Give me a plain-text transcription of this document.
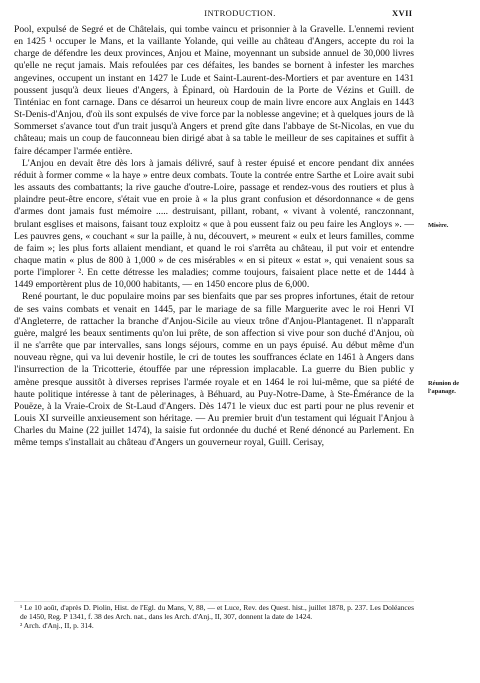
INTRODUCTION.	XVII

Pool, expulsé de Segré et de Châtelais, qui tombe vaincu et prisonnier à la Gravelle. L'ennemi revient en 1425 ¹ occuper le Mans, et la vaillante Yolande, qui veille au château d'Angers, accepte du roi la charge de défendre les deux provinces, Anjou et Maine, moyennant un subside annuel de 30,000 livres qu'elle ne reçut jamais. Mais refoulées par ces défaites, les bandes se bornent à infester les marches angevines, occupent un instant en 1427 le Lude et Saint-Laurent-des-Mortiers et par aventure en 1431 poussent jusqu'à deux lieues d'Angers, à Épinard, où Hardouin de la Porte de Vézins et Guill. de Tinténiac en font carnage. Dans ce désarroi un heureux coup de main livre encore aux Anglais en 1443 St-Denis-d'Anjou, d'où ils sont expulsés de vive force par la noblesse angevine; et à quelques jours de là Sommerset s'avance tout d'un trait jusqu'à Angers et prend gîte dans l'abbaye de St-Nicolas, en vue du château; mais un coup de fauconneau bien dirigé abat à sa table le meilleur de ses capitaines et suffit à faire décamper l'armée entière.

L'Anjou en devait être dès lors à jamais délivré, sauf à rester épuisé et encore pendant dix années réduit à former comme « la haye » entre deux combats. Toute la contrée entre Sarthe et Loire avait subi les assauts des combattants; la rive gauche d'outre-Loire, passage et rendez-vous des routiers et plus à plaindre peut-être encore, s'était vue en proie à « la plus grant confusion et désordonnance « de gens d'armes dont jamais fust mémoire ..... destruisant, pillant, robant, « vivant à volenté, ranczonnant, brulant esglises et maisons, faisant touz exploitz « que à pou eussent faiz ou peu faire les Angloys ». — Les pauvres gens, « couchant « sur la paille, à nu, découvert, » meurent « eulx et leurs familles, comme de faim »; les plus forts allaient mendiant, et quand le roi s'arrêta au château, il put voir et entendre chaque matin « plus de 800 à 1,000 » de ces misérables « en si piteux « estat », qui venaient sous sa porte l'implorer ². En cette détresse les maladies; comme toujours, faisaient place nette et de 1444 à 1449 emportèrent plus de 10,000 habitants, — en 1450 encore plus de 6,000.

René pourtant, le duc populaire moins par ses bienfaits que par ses propres infortunes, était de retour de ses vains combats et venait en 1445, par le mariage de sa fille Marguerite avec le roi Henri VI d'Angleterre, de rattacher la branche d'Anjou-Sicile au vieux trône d'Anjou-Plantagenet. Il n'apparaît guère, malgré les beaux sentiments qu'on lui prête, de son affection si vive pour son duché d'Anjou, où il ne s'arrête que par intervalles, sans longs séjours, comme en un pays épuisé. Au début même d'un nouveau règne, qui va lui devenir hostile, le cri de toutes les souffrances éclate en 1461 à Angers dans l'insurrection de la Tricotterie, étouffée par une répression implacable. La guerre du Bien public y amène presque aussitôt à diverses reprises l'armée royale et en 1464 le roi lui-même, que sa piété de haute politique intéresse à tant de pèlerinages, à Béhuard, au Puy-Notre-Dame, à Ste-Émérance de la Pouëze, à la Vraie-Croix de St-Laud d'Angers. Dès 1471 le vieux duc est parti pour ne plus revenir et Louis XI surveille anxieusement son héritage. — Au premier bruit d'un testament qui léguait l'Anjou à Charles du Maine (22 juillet 1474), la saisie fut ordonnée du duché et René dénoncé au Parlement. En même temps s'installait au château d'Angers un gouverneur royal, Guill. Cerisay,

Misère.
Réunion de l'apanage.

¹ Le 10 août, d'après D. Piolin, Hist. de l'Egl. du Mans, V, 88, — et Luce, Rev. des Quest. hist., juillet 1878, p. 237. Les Doléances de 1450, Reg. P 1341, f. 38 des Arch. nat., dans les Arch. d'Anj., II, 307, donnent la date de 1424.

² Arch. d'Anj., II, p. 314.
